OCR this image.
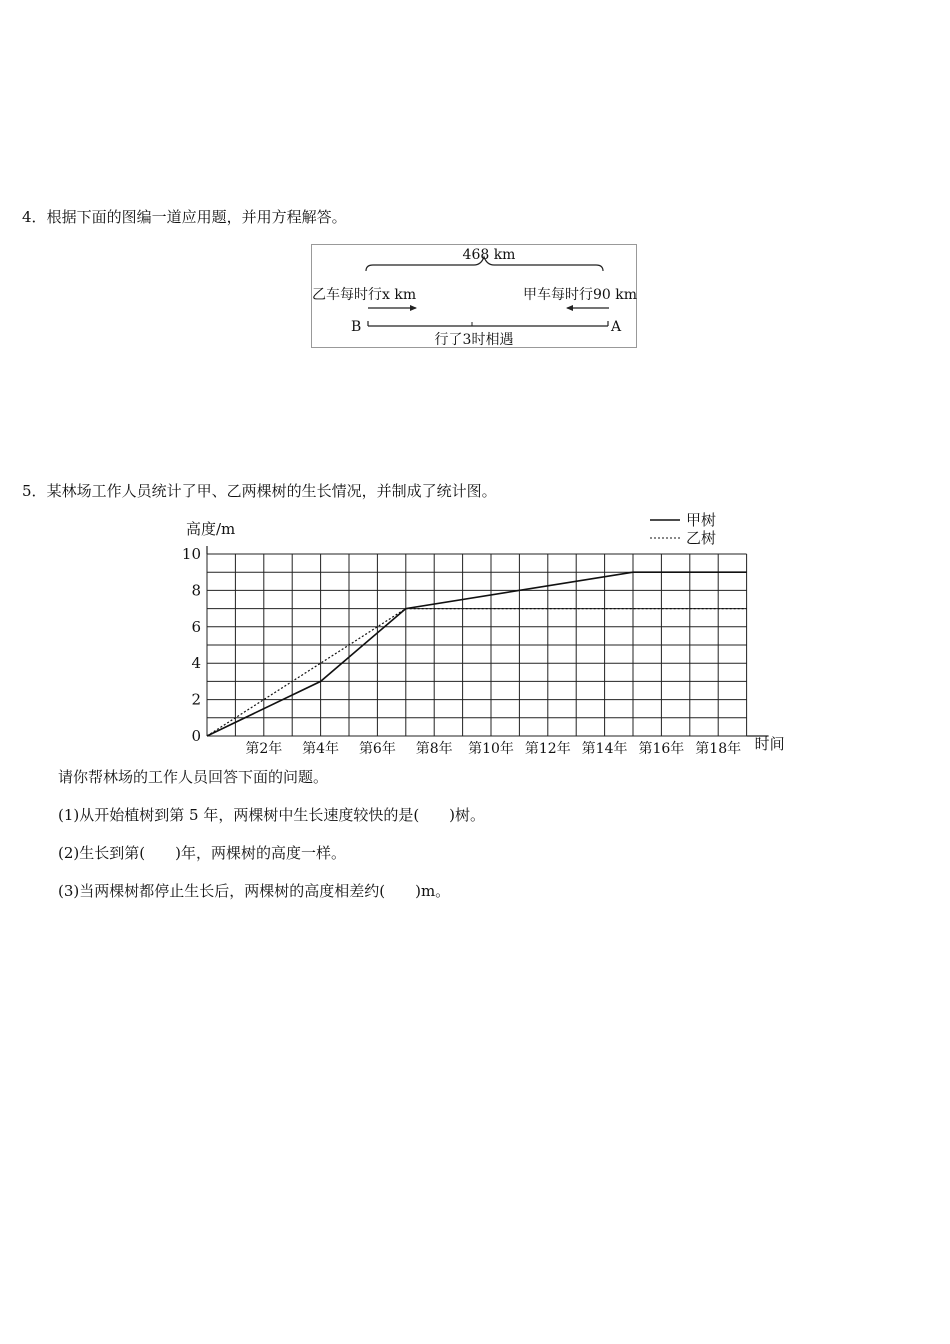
4．根据下面的图编一道应用题，并用方程解答。
468 km
乙车每时行x km	甲车每时行90 km
B	A
行了3时相遇
5．某林场工作人员统计了甲、乙两棵树的生长情况，并制成了统计图。
0
2
4
6
8
10
第2年 第4年 第6年 第8年 第10年 第12年 第14年 第16年 第18年
高度/m
时间
甲树
乙树
请你帮林场的工作人员回答下面的问题。
(1)从开始植树到第 5 年，两棵树中生长速度较快的是(　　)树。
(2)生长到第(　　)年，两棵树的高度一样。
(3)当两棵树都停止生长后，两棵树的高度相差约(　　)m。
